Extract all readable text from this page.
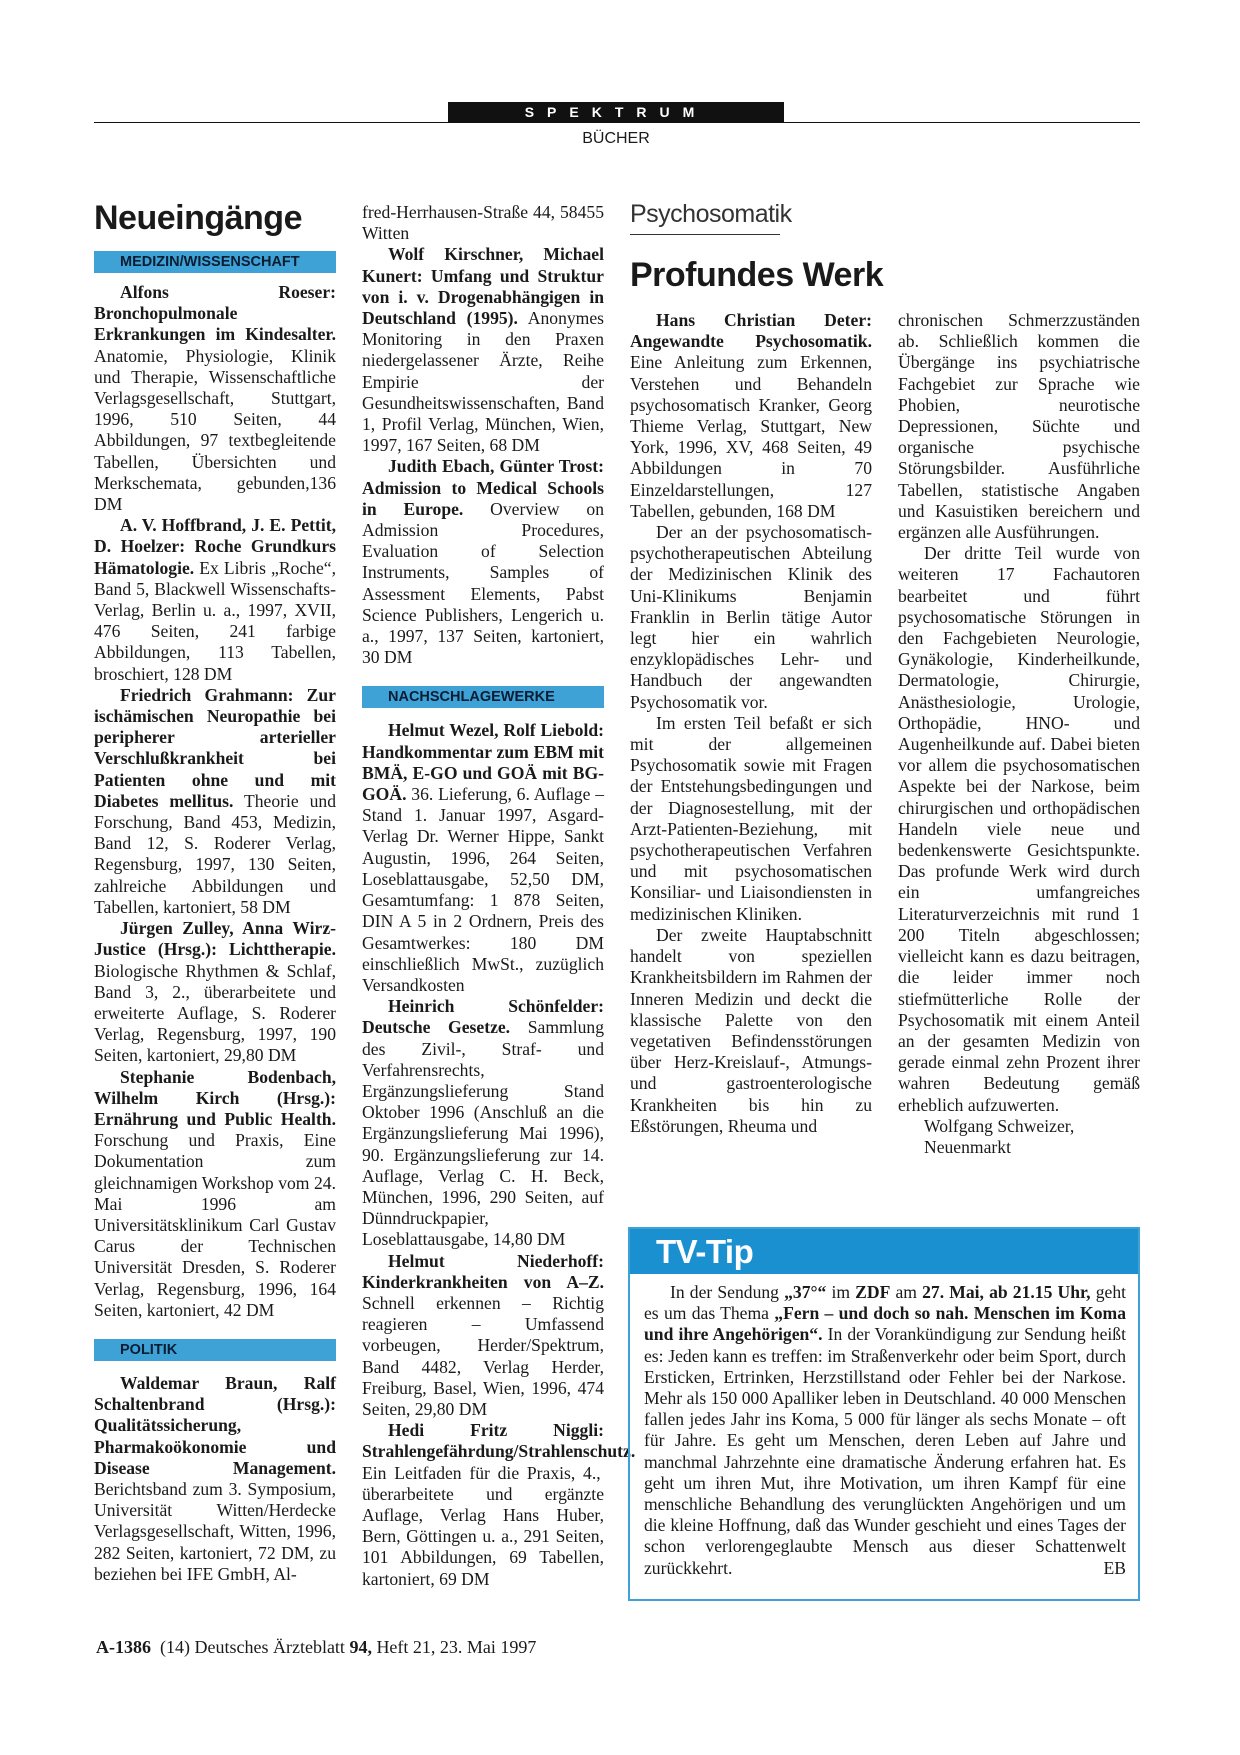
SPEKTRUM
BÜCHER
Neueingänge
MEDIZIN/WISSENSCHAFT

Alfons Roeser: Bronchopulmonale Erkrankungen im Kindesalter. Anatomie, Physiologie, Klinik und Therapie, Wissenschaftliche Verlagsgesellschaft, Stuttgart, 1996, 510 Seiten, 44 Abbildungen, 97 textbegleitende Tabellen, Übersichten und Merkschemata, gebunden,136 DM

A. V. Hoffbrand, J. E. Pettit, D. Hoelzer: Roche Grundkurs Hämatologie. Ex Libris „Roche“, Band 5, Blackwell Wissenschafts-Verlag, Berlin u. a., 1997, XVII, 476 Seiten, 241 farbige Abbildungen, 113 Tabellen, broschiert, 128 DM

Friedrich Grahmann: Zur ischämischen Neuropathie bei peripherer arterieller Verschlußkrankheit bei Patienten ohne und mit Diabetes mellitus. Theorie und Forschung, Band 453, Medizin, Band 12, S. Roderer Verlag, Regensburg, 1997, 130 Seiten, zahlreiche Abbildungen und Tabellen, kartoniert, 58 DM

Jürgen Zulley, Anna Wirz-Justice (Hrsg.): Lichttherapie. Biologische Rhythmen & Schlaf, Band 3, 2., überarbeitete und erweiterte Auflage, S. Roderer Verlag, Regensburg, 1997, 190 Seiten, kartoniert, 29,80 DM

Stephanie Bodenbach, Wilhelm Kirch (Hrsg.): Ernährung und Public Health. Forschung und Praxis, Eine Dokumentation zum gleichnamigen Workshop vom 24. Mai 1996 am Universitätsklinikum Carl Gustav Carus der Technischen Universität Dresden, S. Roderer Verlag, Regensburg, 1996, 164 Seiten, kartoniert, 42 DM

POLITIK

Waldemar Braun, Ralf Schaltenbrand (Hrsg.): Qualitätssicherung, Pharmakoökonomie und Disease Management. Berichtsband zum 3. Symposium, Universität Witten/Herdecke Verlagsgesellschaft, Witten, 1996, 282 Seiten, kartoniert, 72 DM, zu beziehen bei IFE GmbH, Al-

fred-Herrhausen-Straße 44, 58455 Witten

Wolf Kirschner, Michael Kunert: Umfang und Struktur von i. v. Drogenabhängigen in Deutschland (1995). Anonymes Monitoring in den Praxen niedergelassener Ärzte, Reihe Empirie der Gesundheitswissenschaften, Band 1, Profil Verlag, München, Wien, 1997, 167 Seiten, 68 DM

Judith Ebach, Günter Trost: Admission to Medical Schools in Europe. Overview on Admission Procedures, Evaluation of Selection Instruments, Samples of Assessment Elements, Pabst Science Publishers, Lengerich u. a., 1997, 137 Seiten, kartoniert, 30 DM

NACHSCHLAGEWERKE

Helmut Wezel, Rolf Liebold: Handkommentar zum EBM mit BMÄ, E-GO und GOÄ mit BG-GOÄ. 36. Lieferung, 6. Auflage – Stand 1. Januar 1997, Asgard-Verlag Dr. Werner Hippe, Sankt Augustin, 1996, 264 Seiten, Loseblattausgabe, 52,50 DM, Gesamtumfang: 1 878 Seiten, DIN A 5 in 2 Ordnern, Preis des Gesamtwerkes: 180 DM einschließlich MwSt., zuzüglich Versandkosten

Heinrich Schönfelder: Deutsche Gesetze. Sammlung des Zivil-, Straf- und Verfahrensrechts, Ergänzungslieferung Stand Oktober 1996 (Anschluß an die Ergänzungslieferung Mai 1996), 90. Ergänzungslieferung zur 14. Auflage, Verlag C. H. Beck, München, 1996, 290 Seiten, auf Dünndruckpapier, Loseblattausgabe, 14,80 DM

Helmut Niederhoff: Kinderkrankheiten von A–Z. Schnell erkennen – Richtig reagieren – Umfassend vorbeugen, Herder/Spektrum, Band 4482, Verlag Herder, Freiburg, Basel, Wien, 1996, 474 Seiten, 29,80 DM

Hedi Fritz Niggli: Strahlengefährdung/Strahlenschutz. Ein Leitfaden für die Praxis, 4., überarbeitete und ergänzte Auflage, Verlag Hans Huber, Bern, Göttingen u. a., 291 Seiten, 101 Abbildungen, 69 Tabellen, kartoniert, 69 DM

Psychosomatik
Profundes Werk

Hans Christian Deter: Angewandte Psychosomatik. Eine Anleitung zum Erkennen, Verstehen und Behandeln psychosomatisch Kranker, Georg Thieme Verlag, Stuttgart, New York, 1996, XV, 468 Seiten, 49 Abbildungen in 70 Einzeldarstellungen, 127 Tabellen, gebunden, 168 DM

Der an der psychosomatisch-psychotherapeutischen Abteilung der Medizinischen Klinik des Uni-Klinikums Benjamin Franklin in Berlin tätige Autor legt hier ein wahrlich enzyklopädisches Lehr- und Handbuch der angewandten Psychosomatik vor.

Im ersten Teil befaßt er sich mit der allgemeinen Psychosomatik sowie mit Fragen der Entstehungsbedingungen und der Diagnosestellung, mit der Arzt-Patienten-Beziehung, mit psychotherapeutischen Verfahren und mit psychosomatischen Konsiliar- und Liaisondiensten in medizinischen Kliniken.

Der zweite Hauptabschnitt handelt von speziellen Krankheitsbildern im Rahmen der Inneren Medizin und deckt die klassische Palette von den vegetativen Befindensstörungen über Herz-Kreislauf-, Atmungs- und gastroenterologische Krankheiten bis hin zu Eßstörungen, Rheuma und

chronischen Schmerzzuständen ab. Schließlich kommen die Übergänge ins psychiatrische Fachgebiet zur Sprache wie Phobien, neurotische Depressionen, Süchte und organische psychische Störungsbilder. Ausführliche Tabellen, statistische Angaben und Kasuistiken bereichern und ergänzen alle Ausführungen.

Der dritte Teil wurde von weiteren 17 Fachautoren bearbeitet und führt psychosomatische Störungen in den Fachgebieten Neurologie, Gynäkologie, Kinderheilkunde, Dermatologie, Chirurgie, Anästhesiologie, Urologie, Orthopädie, HNO- und Augenheilkunde auf. Dabei bieten vor allem die psychosomatischen Aspekte bei der Narkose, beim chirurgischen und orthopädischen Handeln viele neue und bedenkenswerte Gesichtspunkte. Das profunde Werk wird durch ein umfangreiches Literaturverzeichnis mit rund 1 200 Titeln abgeschlossen; vielleicht kann es dazu beitragen, die leider immer noch stiefmütterliche Rolle der Psychosomatik mit einem Anteil an der gesamten Medizin von gerade einmal zehn Prozent ihrer wahren Bedeutung gemäß erheblich aufzuwerten.

Wolfgang Schweizer,

Neuenmarkt

TV-Tip

In der Sendung „37°“ im ZDF am 27. Mai, ab 21.15 Uhr, geht es um das Thema „Fern – und doch so nah. Menschen im Koma und ihre Angehörigen“. In der Vorankündigung zur Sendung heißt es: Jeden kann es treffen: im Straßenverkehr oder beim Sport, durch Ersticken, Ertrinken, Herzstillstand oder Fehler bei der Narkose. Mehr als 150 000 Apalliker leben in Deutschland. 40 000 Menschen fallen jedes Jahr ins Koma, 5 000 für länger als sechs Monate – oft für Jahre. Es geht um Menschen, deren Leben auf Jahre und manchmal Jahrzehnte eine dramatische Änderung erfahren hat. Es geht um ihren Mut, ihre Motivation, um ihren Kampf für eine menschliche Behandlung des verunglückten Angehörigen und um die kleine Hoffnung, daß das Wunder geschieht und eines Tages der schon verlorengeglaubte Mensch aus dieser Schattenwelt zurückkehrt.	EB

A-1386  (14) Deutsches Ärzteblatt 94, Heft 21, 23. Mai 1997
